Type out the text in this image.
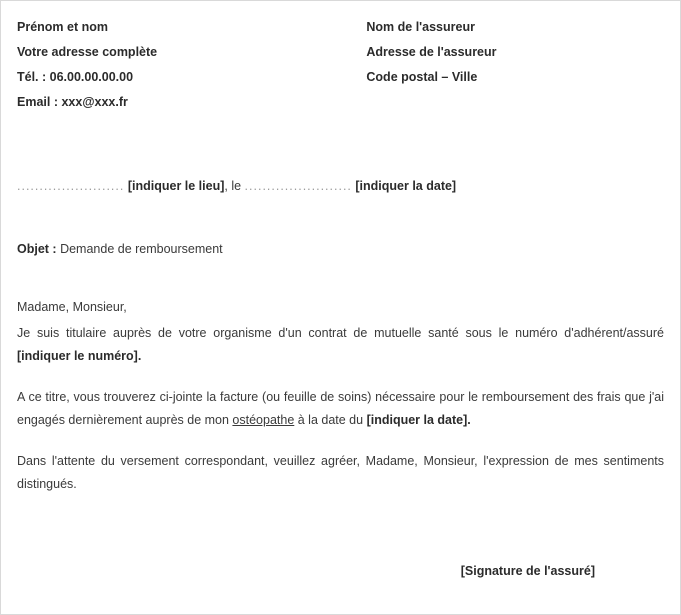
Prénom et nom
Votre adresse complète
Tél. : 06.00.00.00.00
Email : xxx@xxx.fr
Nom de l'assureur
Adresse de l'assureur
Code postal – Ville
........................ [indiquer le lieu], le ........................ [indiquer la date]
Objet : Demande de remboursement
Madame, Monsieur,
Je suis titulaire auprès de votre organisme d'un contrat de mutuelle santé sous le numéro d'adhérent/assuré [indiquer le numéro].
A ce titre, vous trouverez ci-jointe la facture (ou feuille de soins) nécessaire pour le remboursement des frais que j'ai engagés dernièrement auprès de mon ostéopathe à la date du [indiquer la date].
Dans l'attente du versement correspondant, veuillez agréer, Madame, Monsieur, l'expression de mes sentiments distingués.
[Signature de l'assuré]
